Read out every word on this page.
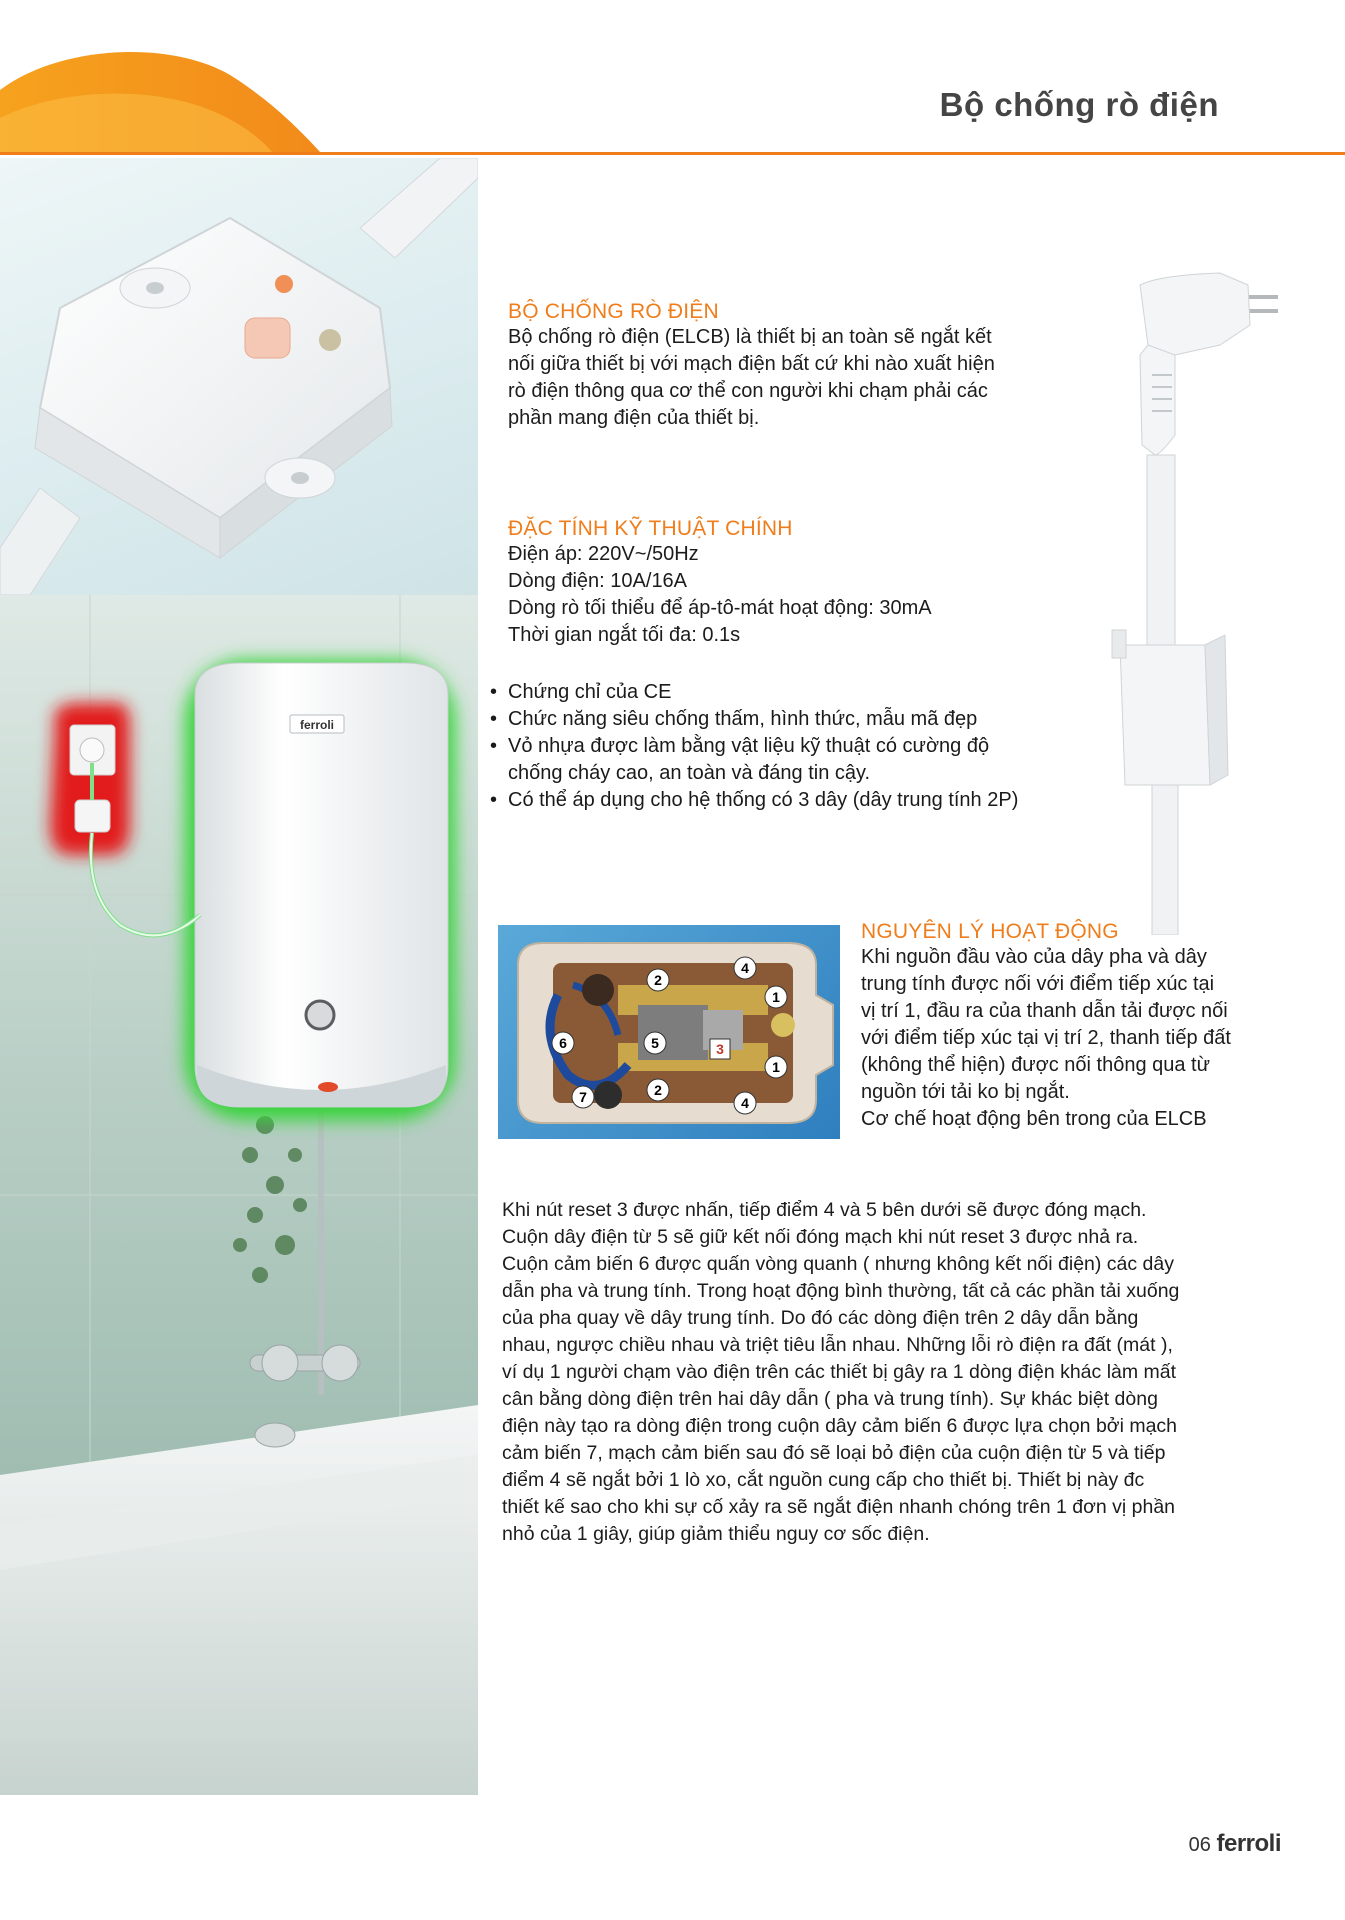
Bộ chống rò điện
ferroli
BỘ CHỐNG RÒ ĐIỆN

Bộ chống rò điện (ELCB) là thiết bị an toàn sẽ ngắt kết
nối giữa thiết bị với mạch điện bất cứ khi nào xuất hiện
rò điện thông qua cơ thể con người khi chạm phải các
phần mang điện của thiết bị.

ĐẶC TÍNH KỸ THUẬT CHÍNH

Điện áp: 220V~/50Hz
Dòng điện: 10A/16A
Dòng rò tối thiểu để áp-tô-mát hoạt động: 30mA
Thời gian ngắt tối đa: 0.1s

• Chứng chỉ của CE
• Chức năng siêu chống thấm, hình thức, mẫu mã đẹp
• Vỏ nhựa được làm bằng vật liệu kỹ thuật có cường độ
chống cháy cao, an toàn và đáng tin cậy.
• Có thể áp dụng cho hệ thống có 3 dây (dây trung tính 2P)
1
1
2
2
3
4
4
5
6
7
NGUYÊN LÝ HOẠT ĐỘNG

Khi nguồn đầu vào của dây pha và dây
trung tính được nối với điểm tiếp xúc tại
vị trí 1, đầu ra của thanh dẫn tải được nối
với điểm tiếp xúc tại vị trí 2, thanh tiếp đất
(không thể hiện) được nối thông qua từ
nguồn tới tải ko bị ngắt.
Cơ chế hoạt động bên trong của ELCB

Khi nút reset 3 được nhấn, tiếp điểm 4 và 5 bên dưới sẽ được đóng mạch.
Cuộn dây điện từ 5 sẽ giữ kết nối đóng mạch khi nút reset 3 được nhả ra.
Cuộn cảm biến 6 được quấn vòng quanh ( nhưng không kết nối điện) các dây
dẫn pha và trung tính. Trong hoạt động bình thường, tất cả các phần tải xuống
của pha quay về dây trung tính. Do đó các dòng điện trên 2 dây dẫn bằng
nhau, ngược chiều nhau và triệt tiêu lẫn nhau. Những lỗi rò điện ra đất (mát ),
ví dụ 1 người chạm vào điện trên các thiết bị gây ra 1 dòng điện khác làm mất
cân bằng dòng điện trên hai dây dẫn ( pha và trung tính). Sự khác biệt dòng
điện này tạo ra dòng điện trong cuộn dây cảm biến 6 được lựa chọn bởi mạch
cảm biến 7, mạch cảm biến sau đó sẽ loại bỏ điện của cuộn điện từ 5 và tiếp
điểm 4 sẽ ngắt bởi 1 lò xo, cắt nguồn cung cấp cho thiết bị. Thiết bị này đc
thiết kế sao cho khi sự cố xảy ra sẽ ngắt điện nhanh chóng trên 1 đơn vị phần
nhỏ của 1 giây, giúp giảm thiểu nguy cơ sốc điện.

06 ferroli
